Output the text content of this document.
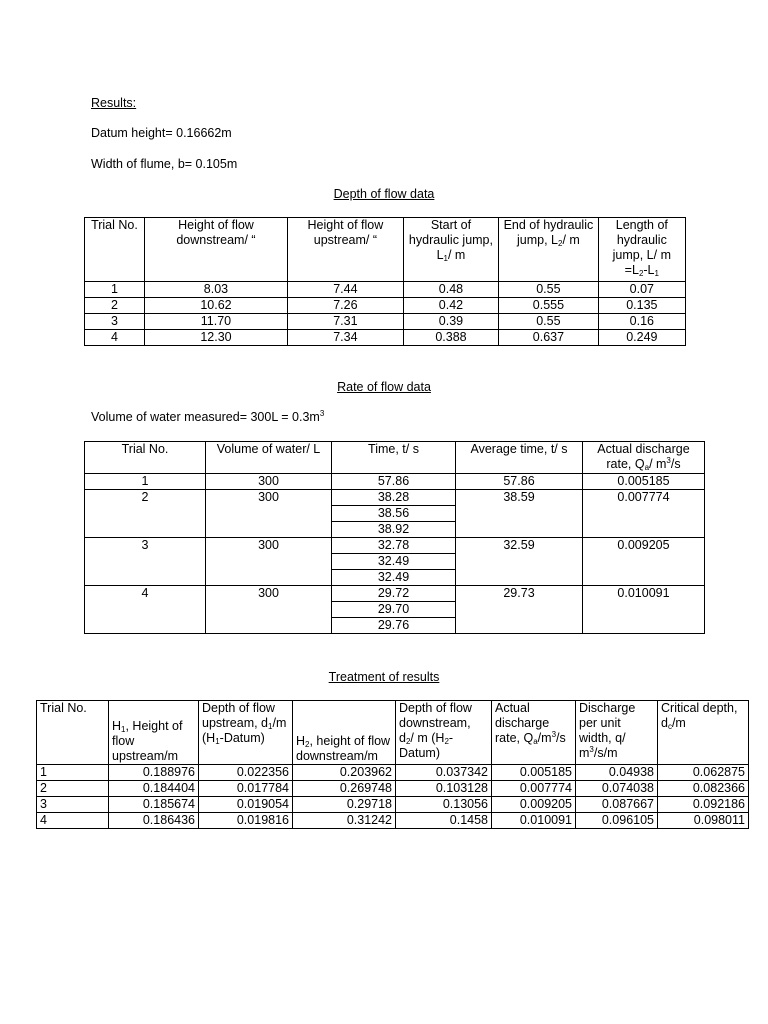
Results:
Datum height= 0.16662m
Width of flume, b= 0.105m
Depth of flow data
Trial No.	Height of flow downstream/ “	Height of flow upstream/ “	Start of hydraulic jump, $L_1/$ m	End of hydraulic jump, $L_2/$ m	Length of hydraulic jump, L/ $m =L_2-L_1$
1	8.03	7.44	0.48	0.55	0.07
2	10.62	7.26	0.42	0.555	0.135
3	11.70	7.31	0.39	0.55	0.16
4	12.30	7.34	0.388	0.637	0.249
Rate of flow data
Volume of water measured= $300L = 0.3m^3$
Trial No.	Volume of water/ L	Time, t/ s	Average time, t/ s	Actual discharge rate, $Q_a/$ $m^3/s$
1	300	57.86	57.86	0.005185
2	300	38.28	38.59	0.007774
		38.56		
		38.92		
3	300	32.78	32.59	0.009205
		32.49		
		32.49		
4	300	29.72	29.73	0.010091
		29.70		
		29.76		
Treatment of results
Trial No.	$H_1$, Height of flow upstream/m	Depth of flow upstream, $d_1/m$ $(H_1-Datum)$	$H_2$, height of flow downstream/m	Depth of flow downstream, $d_2/$ m $(H_2-Datum)$	Actual discharge rate, $Q_a/m^3/s$	Discharge per unit width, q/ $m^3/s/m$	Critical depth, $d_c/m$
1	0.188976	0.022356	0.203962	0.037342	0.005185	0.04938	0.062875
2	0.184404	0.017784	0.269748	0.103128	0.007774	0.074038	0.082366
3	0.185674	0.019054	0.29718	0.13056	0.009205	0.087667	0.092186
4	0.186436	0.019816	0.31242	0.1458	0.010091	0.096105	0.098011
